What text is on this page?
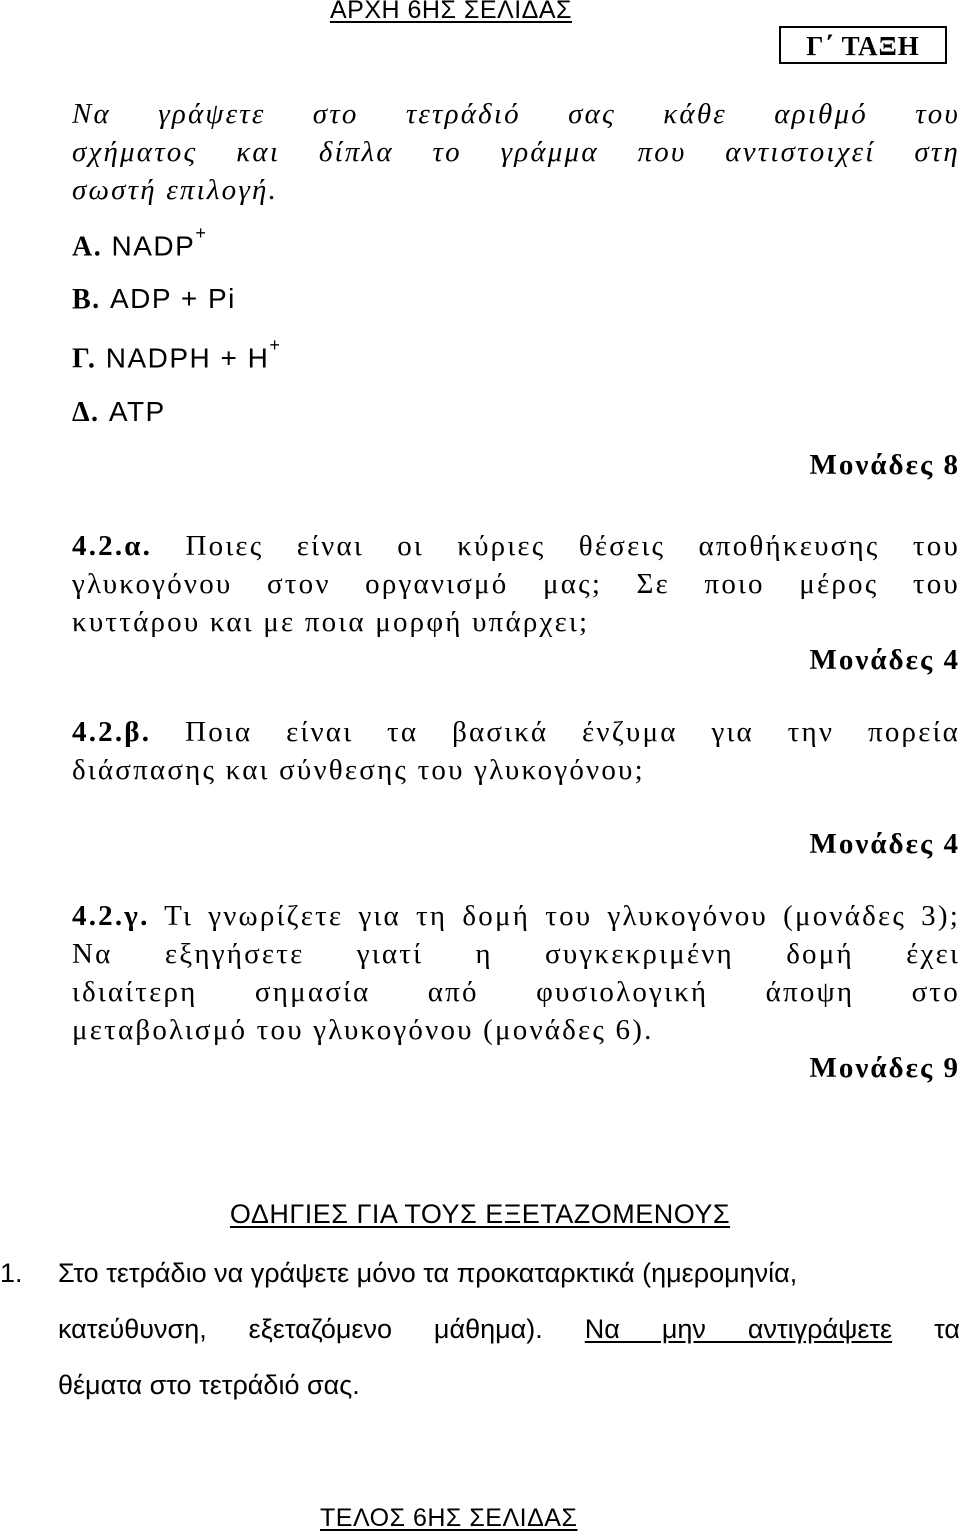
ΑΡΧΗ 6ΗΣ ΣΕΛΙΔΑΣ
Γ΄ ΤΑΞΗ
Να γράψετε στο τετράδιό σας κάθε αριθμό του
σχήματος και δίπλα το γράμμα που αντιστοιχεί στη
σωστή επιλογή.
Α. NADP+
Β. ADP + Pi
Γ. NADPH + H+
Δ. ATP
Μονάδες 8
4.2.α. Ποιες είναι οι κύριες θέσεις αποθήκευσης του
γλυκογόνου στον οργανισμό μας; Σε ποιο μέρος του
κυττάρου και με ποια μορφή υπάρχει;
Μονάδες 4
4.2.β. Ποια είναι τα βασικά ένζυμα για την πορεία
διάσπασης και σύνθεσης του γλυκογόνου;
Μονάδες 4
4.2.γ. Τι γνωρίζετε για τη δομή του γλυκογόνου (μονάδες 3);
Να εξηγήσετε γιατί η συγκεκριμένη δομή έχει
ιδιαίτερη σημασία από φυσιολογική άποψη στο
μεταβολισμό του γλυκογόνου (μονάδες 6).
Μονάδες 9
ΟΔΗΓΙΕΣ ΓΙΑ ΤΟΥΣ ΕΞΕΤΑΖΟΜΕΝΟΥΣ
1. Στο τετράδιο να γράψετε μόνο τα προκαταρκτικά (ημερομηνία,
κατεύθυνση, εξεταζόμενο μάθημα). Να μην αντιγράψετε τα
θέματα στο τετράδιό σας.
ΤΕΛΟΣ 6ΗΣ ΣΕΛΙΔΑΣ
